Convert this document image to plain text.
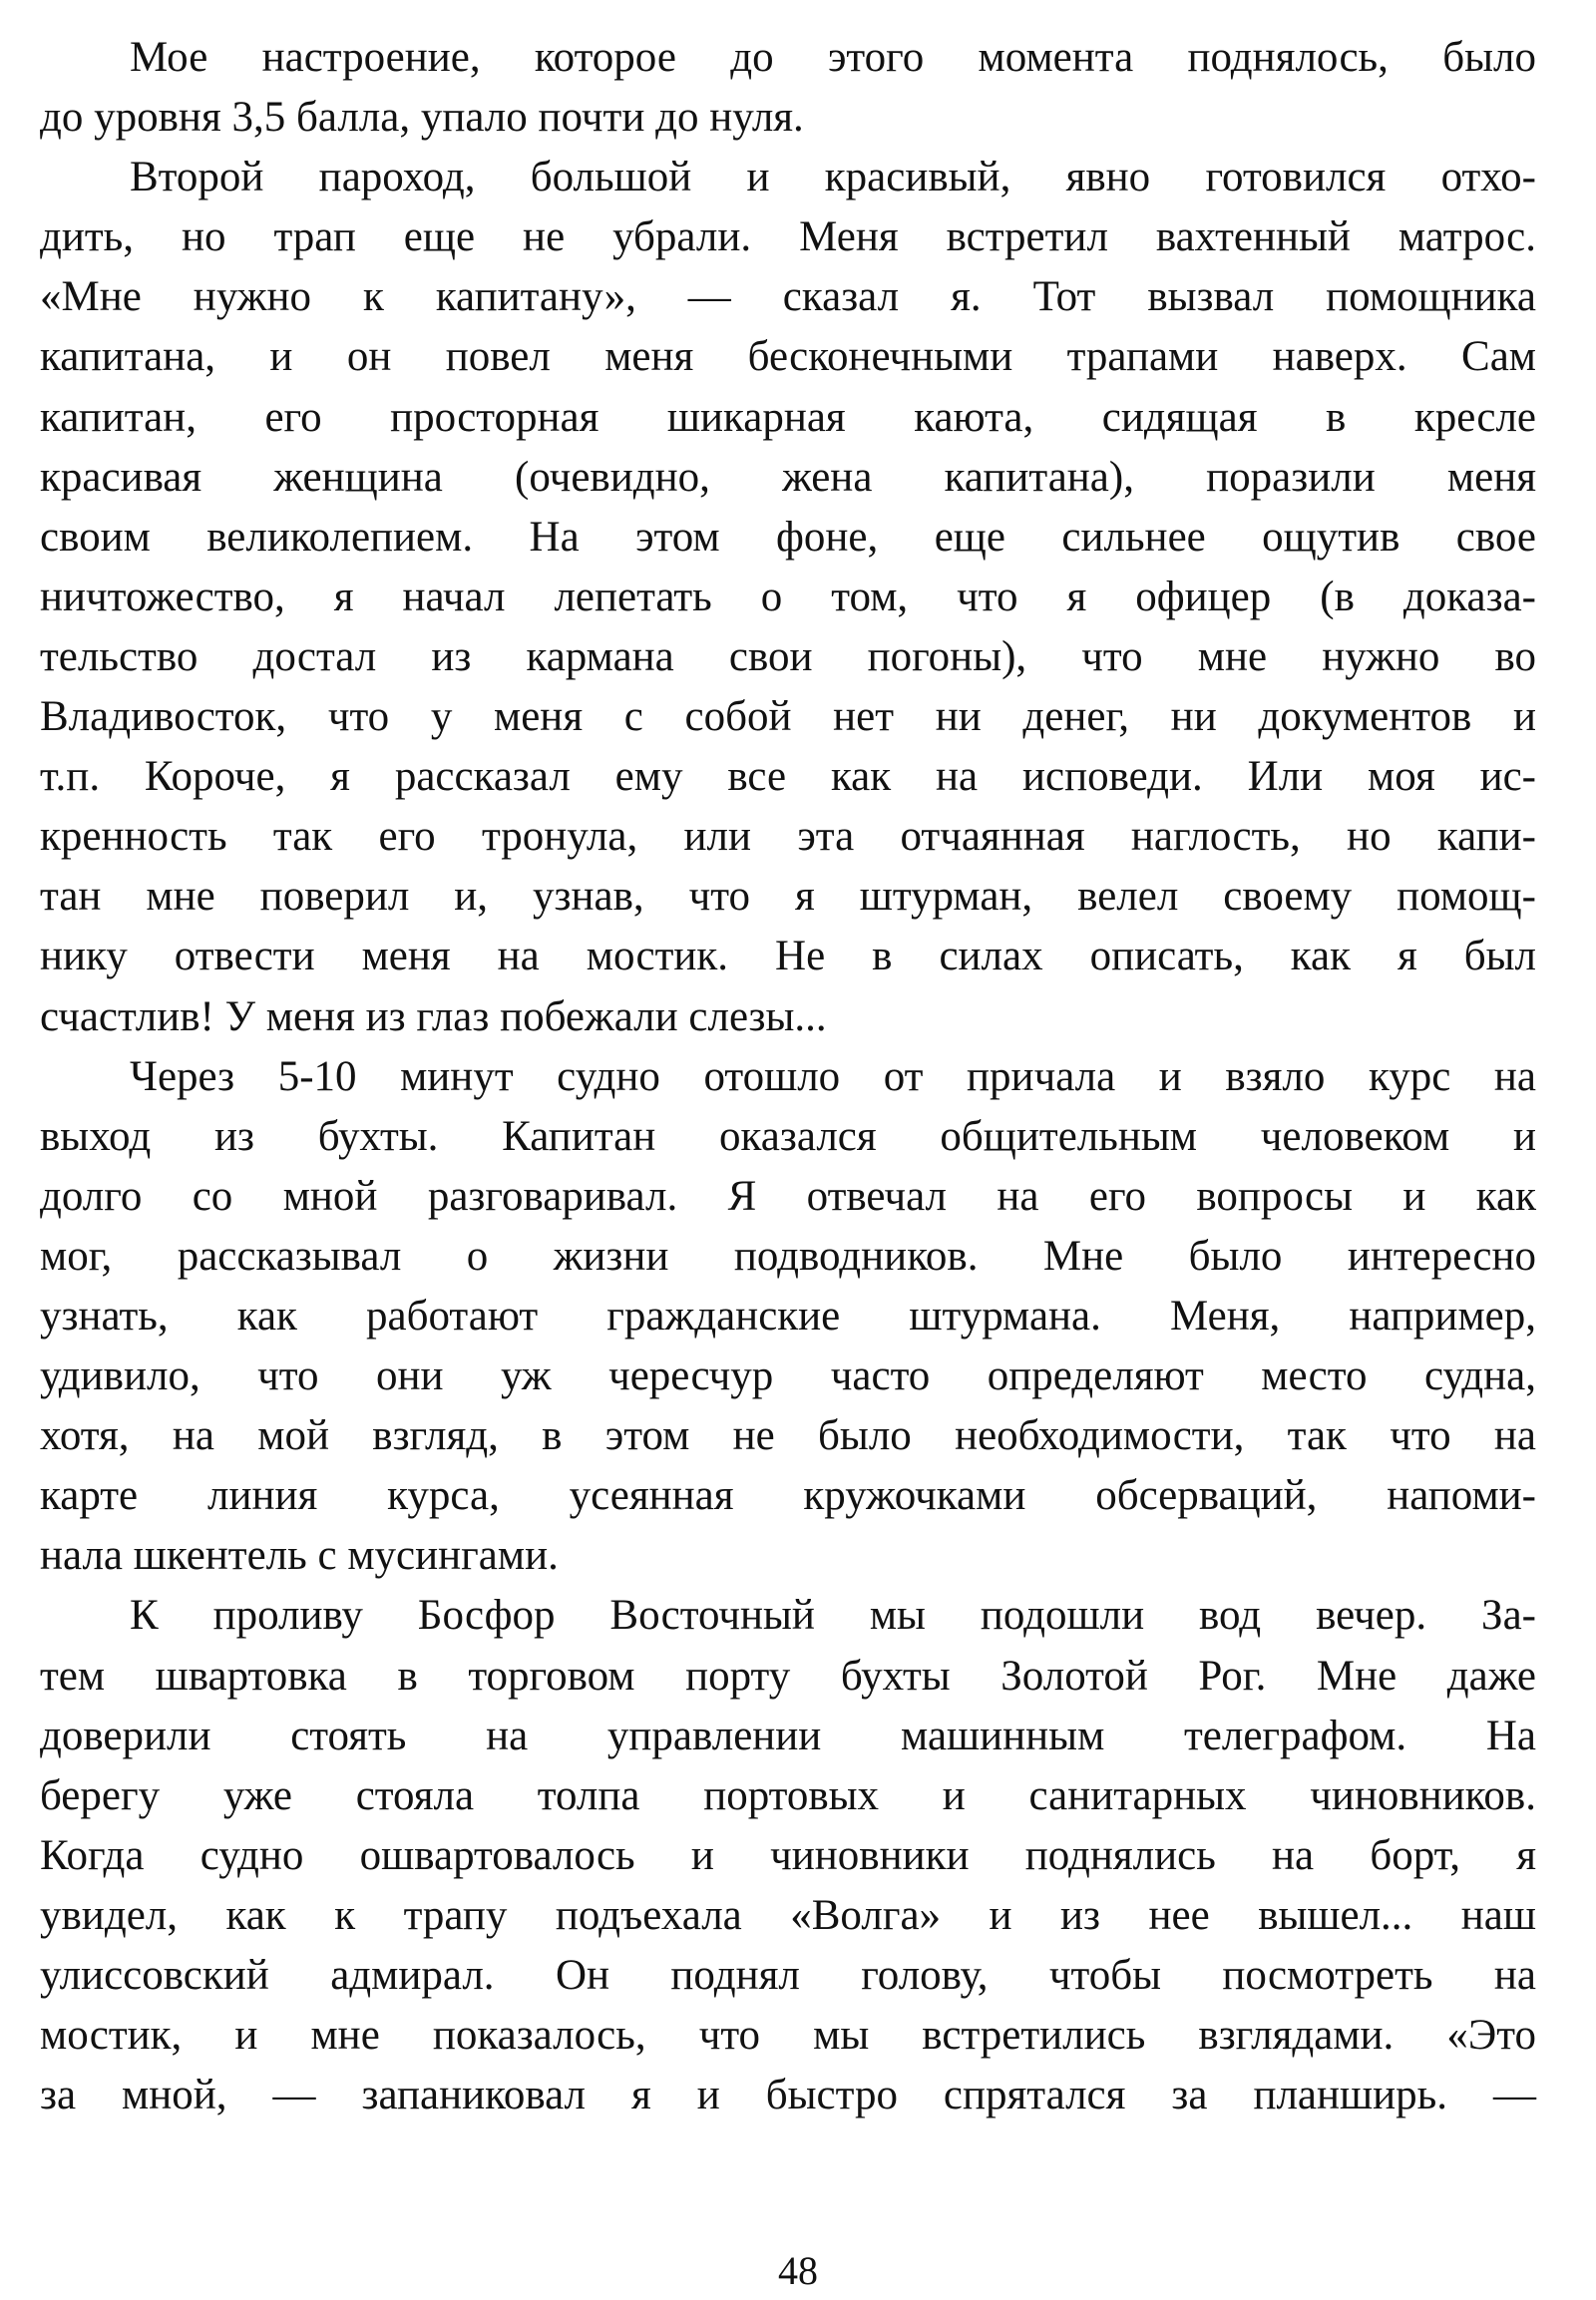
Мое настроение, которое до этого момента поднялось, было
до уровня 3,5 балла, упало почти до нуля.
Второй пароход, большой и красивый, явно готовился отхо-
дить, но трап еще не убрали. Меня встретил вахтенный матрос.
«Мне нужно к капитану», — сказал я. Тот вызвал помощника
капитана, и он повел меня бесконечными трапами наверх. Сам
капитан, его просторная шикарная каюта, сидящая в кресле
красивая женщина (очевидно, жена капитана), поразили меня
своим великолепием. На этом фоне, еще сильнее ощутив свое
ничтожество, я начал лепетать о том, что я офицер (в доказа-
тельство достал из кармана свои погоны), что мне нужно во
Владивосток, что у меня с собой нет ни денег, ни документов и
т.п. Короче, я рассказал ему все как на исповеди. Или моя ис-
кренность так его тронула, или эта отчаянная наглость, но капи-
тан мне поверил и, узнав, что я штурман, велел своему помощ-
нику отвести меня на мостик. Не в силах описать, как я был
счастлив! У меня из глаз побежали слезы...
Через 5-10 минут судно отошло от причала и взяло курс на
выход из бухты. Капитан оказался общительным человеком и
долго со мной разговаривал. Я отвечал на его вопросы и как
мог, рассказывал о жизни подводников. Мне было интересно
узнать, как работают гражданские штурмана. Меня, например,
удивило, что они уж чересчур часто определяют место судна,
хотя, на мой взгляд, в этом не было необходимости, так что на
карте линия курса, усеянная кружочками обсерваций, напоми-
нала шкентель с мусингами.
К проливу Босфор Восточный мы подошли вод вечер. За-
тем швартовка в торговом порту бухты Золотой Рог. Мне даже
доверили стоять на управлении машинным телеграфом. На
берегу уже стояла толпа портовых и санитарных чиновников.
Когда судно ошвартовалось и чиновники поднялись на борт, я
увидел, как к трапу подъехала «Волга» и из нее вышел... наш
улиссовский адмирал. Он поднял голову, чтобы посмотреть на
мостик, и мне показалось, что мы встретились взглядами. «Это
за мной, — запаниковал я и быстро спрятался за планширь. —
48
